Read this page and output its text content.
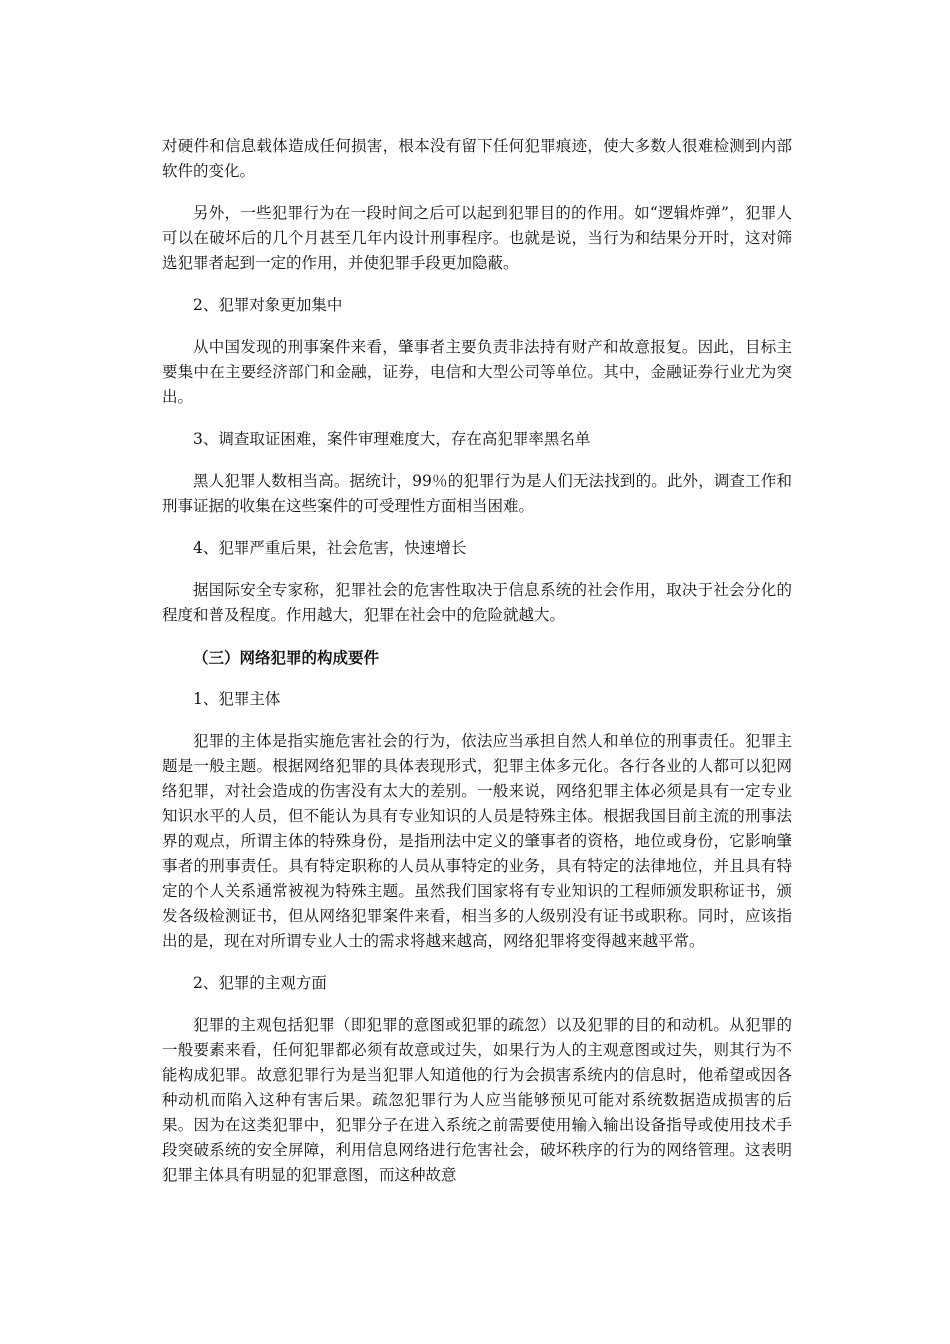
对硬件和信息载体造成任何损害，根本没有留下任何犯罪痕迹，使大多数人很难检测到内部软件的变化。

另外，一些犯罪行为在一段时间之后可以起到犯罪目的的作用。如“逻辑炸弹”，犯罪人可以在破坏后的几个月甚至几年内设计刑事程序。也就是说，当行为和结果分开时，这对筛选犯罪者起到一定的作用，并使犯罪手段更加隐蔽。

2、犯罪对象更加集中

从中国发现的刑事案件来看，肇事者主要负责非法持有财产和故意报复。因此，目标主要集中在主要经济部门和金融，证券，电信和大型公司等单位。其中，金融证券行业尤为突出。

3、调查取证困难，案件审理难度大，存在高犯罪率黑名单

黑人犯罪人数相当高。据统计，99％的犯罪行为是人们无法找到的。此外，调查工作和刑事证据的收集在这些案件的可受理性方面相当困难。

4、犯罪严重后果，社会危害，快速增长

据国际安全专家称，犯罪社会的危害性取决于信息系统的社会作用，取决于社会分化的程度和普及程度。作用越大，犯罪在社会中的危险就越大。

（三）网络犯罪的构成要件

1、犯罪主体

犯罪的主体是指实施危害社会的行为，依法应当承担自然人和单位的刑事责任。犯罪主题是一般主题。根据网络犯罪的具体表现形式，犯罪主体多元化。各行各业的人都可以犯网络犯罪，对社会造成的伤害没有太大的差别。一般来说，网络犯罪主体必须是具有一定专业知识水平的人员，但不能认为具有专业知识的人员是特殊主体。根据我国目前主流的刑事法界的观点，所谓主体的特殊身份，是指刑法中定义的肇事者的资格，地位或身份，它影响肇事者的刑事责任。具有特定职称的人员从事特定的业务，具有特定的法律地位，并且具有特定的个人关系通常被视为特殊主题。虽然我们国家将有专业知识的工程师颁发职称证书，颁发各级检测证书，但从网络犯罪案件来看，相当多的人级别没有证书或职称。同时，应该指出的是，现在对所谓专业人士的需求将越来越高，网络犯罪将变得越来越平常。

2、犯罪的主观方面

犯罪的主观包括犯罪（即犯罪的意图或犯罪的疏忽）以及犯罪的目的和动机。从犯罪的一般要素来看，任何犯罪都必须有故意或过失，如果行为人的主观意图或过失，则其行为不能构成犯罪。故意犯罪行为是当犯罪人知道他的行为会损害系统内的信息时，他希望或因各种动机而陷入这种有害后果。疏忽犯罪行为人应当能够预见可能对系统数据造成损害的后果。因为在这类犯罪中，犯罪分子在进入系统之前需要使用输入输出设备指导或使用技术手段突破系统的安全屏障，利用信息网络进行危害社会，破坏秩序的行为的网络管理。这表明犯罪主体具有明显的犯罪意图，而这种故意
